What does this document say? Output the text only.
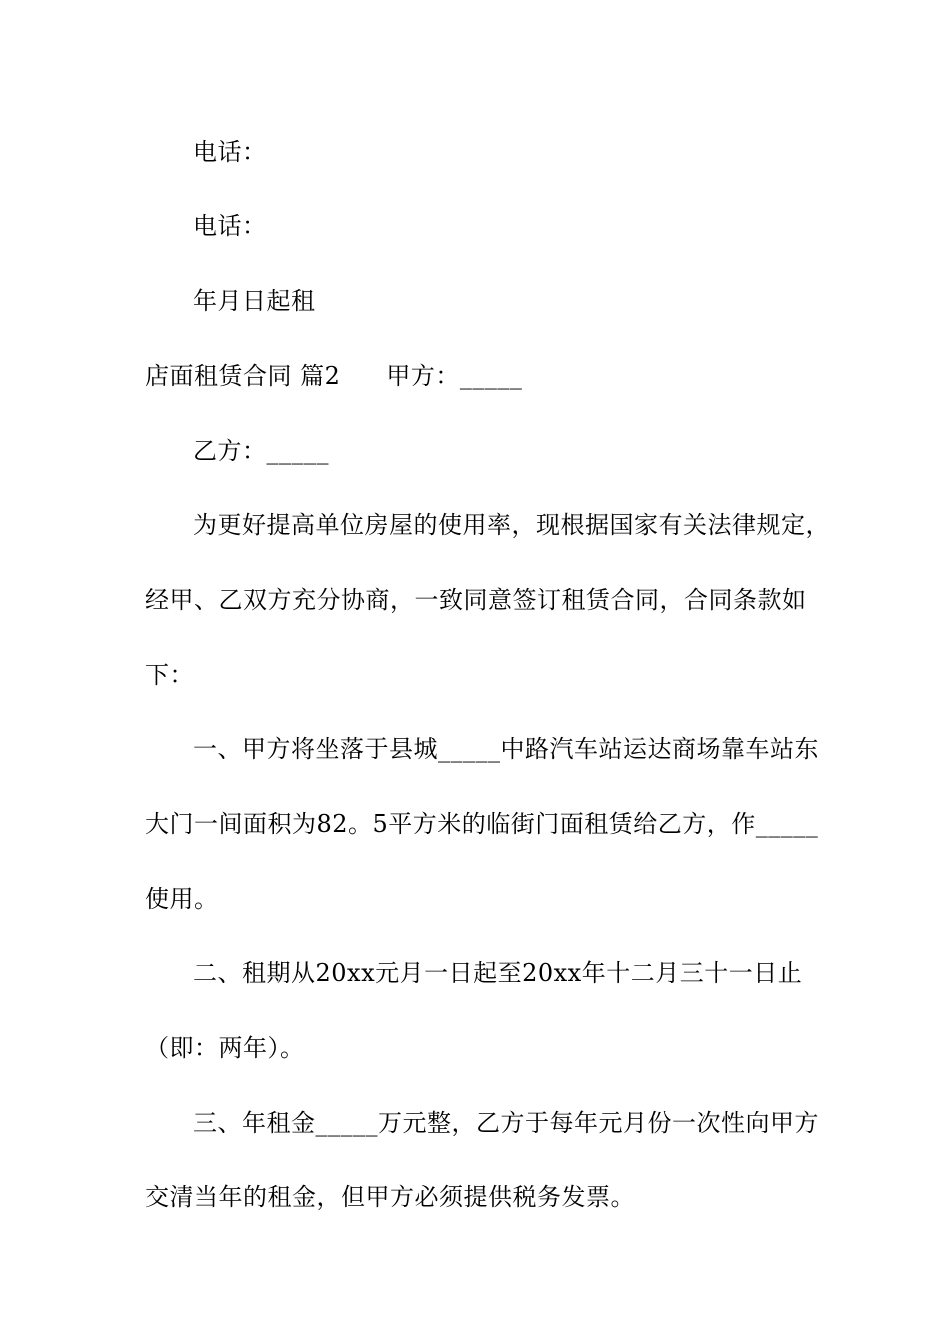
电话：
电话：
年月日起租
店面租赁合同 篇2 甲方：_____
乙方：_____
为更好提高单位房屋的使用率，现根据国家有关法律规定，
经甲、乙双方充分协商，一致同意签订租赁合同，合同条款如
下：
一、甲方将坐落于县城_____中路汽车站运达商场靠车站东
大门一间面积为82。5平方米的临街门面租赁给乙方，作_____
使用。
二、租期从20xx元月一日起至20xx年十二月三十一日止
（即：两年）。
三、年租金_____万元整，乙方于每年元月份一次性向甲方
交清当年的租金，但甲方必须提供税务发票。
